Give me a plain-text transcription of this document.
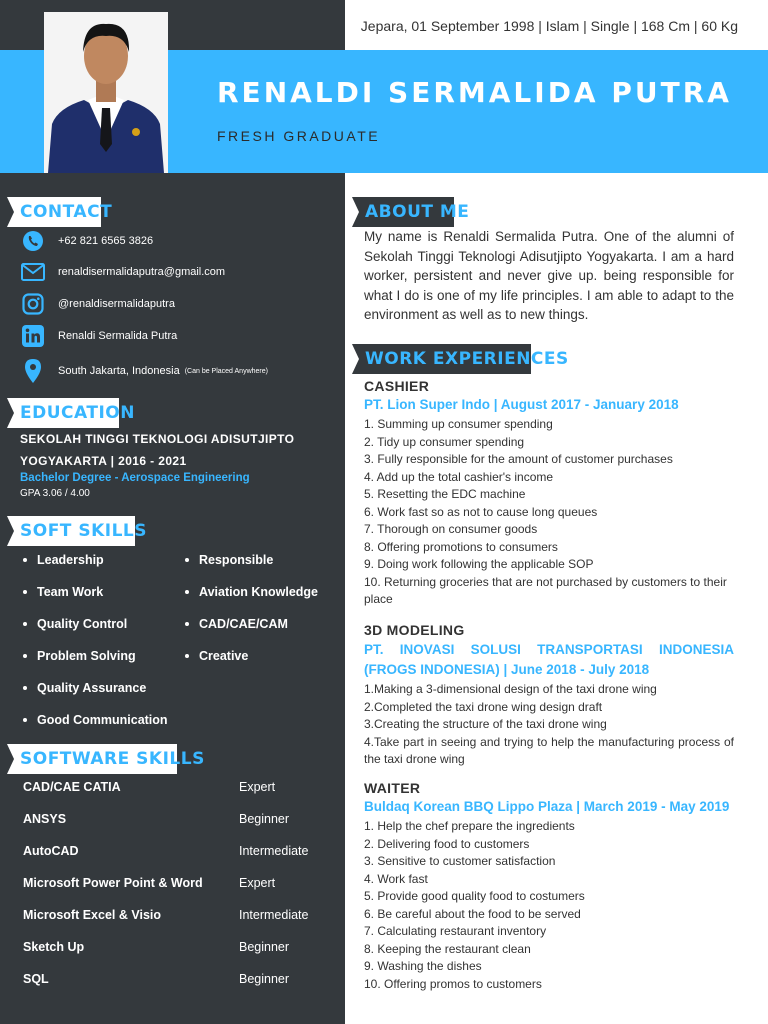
Jepara, 01 September 1998 | Islam | Single | 168 Cm | 60 Kg
RENALDI SERMALIDA PUTRA
FRESH GRADUATE
CONTACT
+62 821 6565 3826
renaldisermalidaputra@gmail.com
@renaldisermalidaputra
Renaldi Sermalida Putra
South Jakarta, Indonesia (Can be Placed Anywhere)
EDUCATION
SEKOLAH TINGGI TEKNOLOGI ADISUTJIPTO YOGYAKARTA | 2016 - 2021
Bachelor Degree - Aerospace Engineering
GPA 3.06 / 4.00
SOFT SKILLS
Leadership
Team Work
Quality Control
Problem Solving
Quality Assurance
Good Communication
Responsible
Aviation Knowledge
CAD/CAE/CAM
Creative
SOFTWARE SKILLS
CAD/CAE CATIA	Expert
ANSYS	Beginner
AutoCAD	Intermediate
Microsoft Power Point & Word	Expert
Microsoft Excel & Visio	Intermediate
Sketch Up	Beginner
SQL	Beginner
ABOUT ME
My name is Renaldi Sermalida Putra. One of the alumni of Sekolah Tinggi Teknologi Adisutjipto Yogyakarta. I am a hard worker, persistent and never give up. being responsible for what I do is one of my life principles. I am able to adapt to the environment as well as to new things.
WORK EXPERIENCES
CASHIER
PT. Lion Super Indo | August 2017 - January 2018
1. Summing up consumer spending
2. Tidy up consumer spending
3. Fully responsible for the amount of customer purchases
4. Add up the total cashier's income
5. Resetting the EDC machine
6. Work fast so as not to cause long queues
7. Thorough on consumer goods
8. Offering promotions to consumers
9. Doing work following the applicable SOP
10. Returning groceries that are not purchased by customers to their place
3D MODELING
PT. INOVASI SOLUSI TRANSPORTASI INDONESIA (FROGS INDONESIA) | June 2018 - July 2018
1.Making a 3-dimensional design of the taxi drone wing
2.Completed the taxi drone wing design draft
3.Creating the structure of the taxi drone wing
4.Take part in seeing and trying to help the manufacturing process of the taxi drone wing
WAITER
Buldaq Korean BBQ Lippo Plaza | March 2019 - May 2019
1. Help the chef prepare the ingredients
2. Delivering food to customers
3. Sensitive to customer satisfaction
4. Work fast
5. Provide good quality food to costumers
6. Be careful about the food to be served
7. Calculating restaurant inventory
8. Keeping the restaurant clean
9. Washing the dishes
10. Offering promos to customers
